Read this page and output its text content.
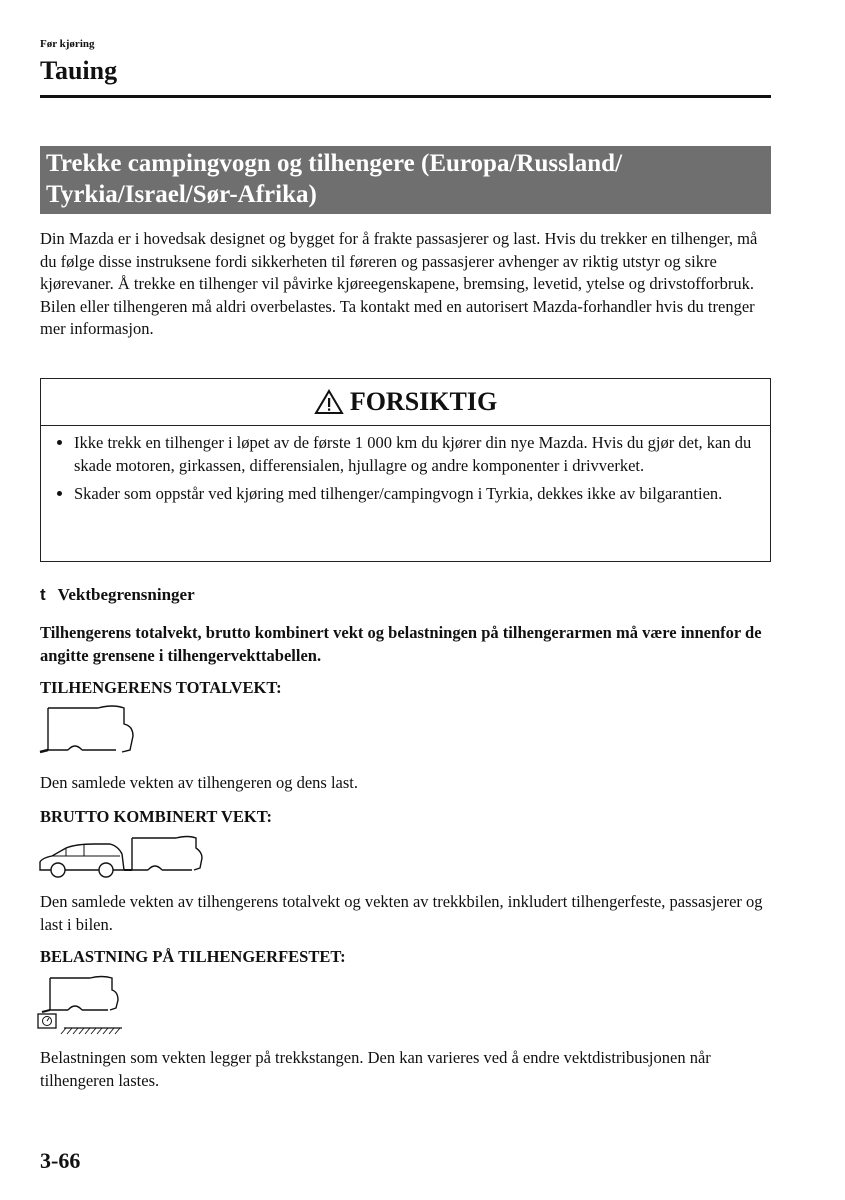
Før kjøring
Tauing
Trekke campingvogn og tilhengere (Europa/Russland/
Tyrkia/Israel/Sør-Afrika)

Din Mazda er i hovedsak designet og bygget for å frakte passasjerer og last. Hvis du trekker en tilhenger, må du følge disse instruksene fordi sikkerheten til føreren og passasjerer avhenger av riktig utstyr og sikre kjørevaner. Å trekke en tilhenger vil påvirke kjøreegenskapene, bremsing, levetid, ytelse og drivstofforbruk.

Bilen eller tilhengeren må aldri overbelastes. Ta kontakt med en autorisert Mazda-forhandler hvis du trenger mer informasjon.

FORSIKTIG
• Ikke trekk en tilhenger i løpet av de første 1 000 km du kjører din nye Mazda. Hvis du gjør det, kan du skade motoren, girkassen, differensialen, hjullagre og andre komponenter i drivverket.
• Skader som oppstår ved kjøring med tilhenger/campingvogn i Tyrkia, dekkes ikke av bilgarantien.
t Vektbegrensninger
Tilhengerens totalvekt, brutto kombinert vekt og belastningen på tilhengerarmen må være innenfor de angitte grensene i tilhengervekttabellen.
TILHENGERENS TOTALVEKT:
Den samlede vekten av tilhengeren og dens last.
BRUTTO KOMBINERT VEKT:
Den samlede vekten av tilhengerens totalvekt og vekten av trekkbilen, inkludert tilhengerfeste, passasjerer og last i bilen.
BELASTNING PÅ TILHENGERFESTET:
Belastningen som vekten legger på trekkstangen. Den kan varieres ved å endre vektdistribusjonen når tilhengeren lastes.
3-66
